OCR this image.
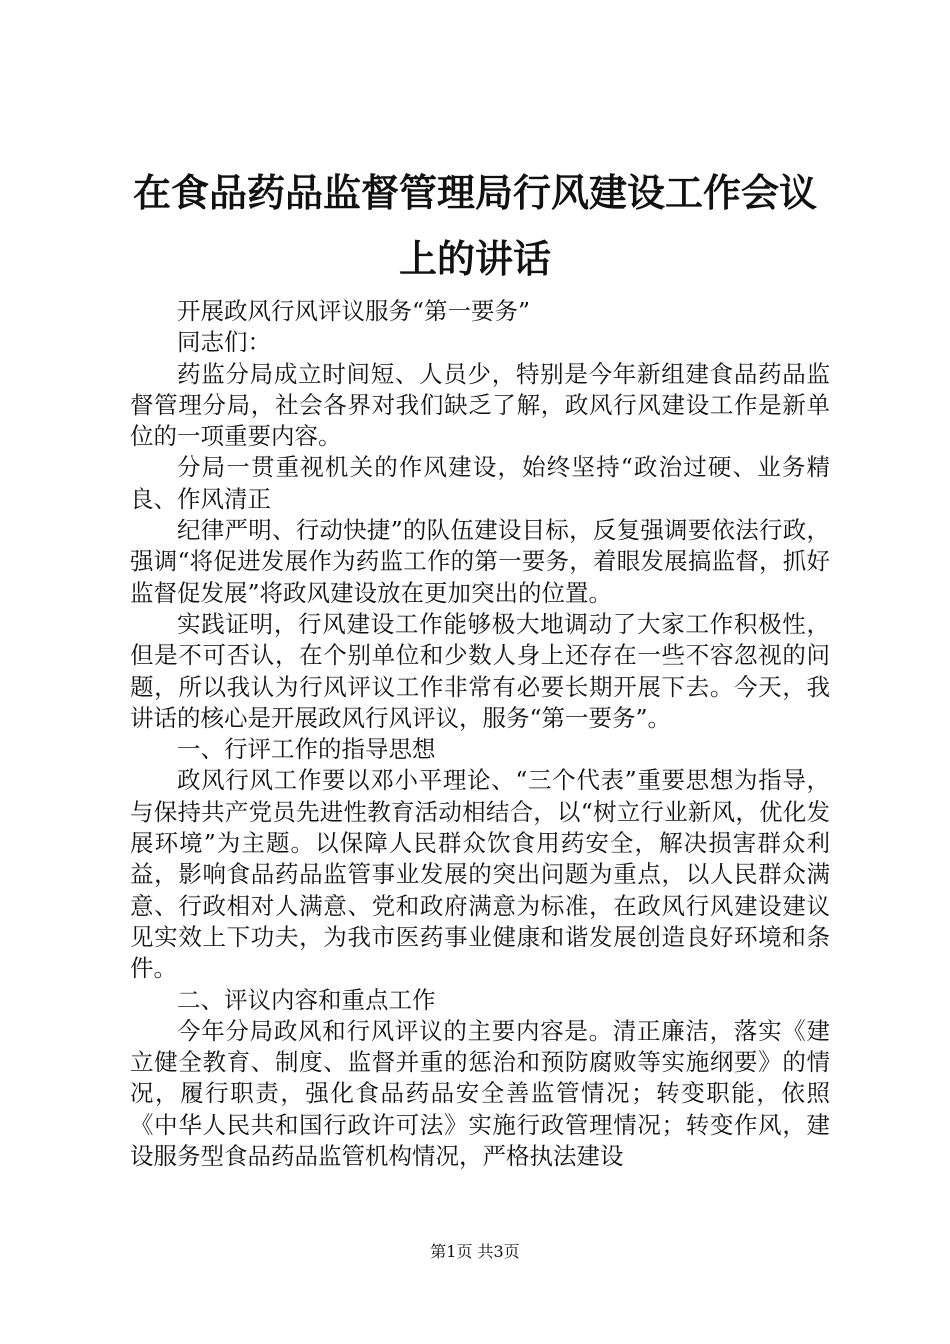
在食品药品监督管理局行风建设工作会议上的讲话

开展政风行风评议服务“第一要务”

同志们：

药监分局成立时间短、人员少，特别是今年新组建食品药品监督管理分局，社会各界对我们缺乏了解，政风行风建设工作是新单位的一项重要内容。

分局一贯重视机关的作风建设，始终坚持“政治过硬、业务精良、作风清正

纪律严明、行动快捷”的队伍建设目标，反复强调要依法行政，强调“将促进发展作为药监工作的第一要务，着眼发展搞监督，抓好监督促发展”将政风建设放在更加突出的位置。

实践证明，行风建设工作能够极大地调动了大家工作积极性，但是不可否认，在个别单位和少数人身上还存在一些不容忽视的问题，所以我认为行风评议工作非常有必要长期开展下去。今天，我讲话的核心是开展政风行风评议，服务“第一要务”。

一、行评工作的指导思想

政风行风工作要以邓小平理论、“三个代表”重要思想为指导，与保持共产党员先进性教育活动相结合，以“树立行业新风，优化发展环境”为主题。以保障人民群众饮食用药安全，解决损害群众利益，影响食品药品监管事业发展的突出问题为重点，以人民群众满意、行政相对人满意、党和政府满意为标准，在政风行风建设建议见实效上下功夫，为我市医药事业健康和谐发展创造良好环境和条件。

二、评议内容和重点工作

今年分局政风和行风评议的主要内容是。清正廉洁，落实《建立健全教育、制度、监督并重的惩治和预防腐败等实施纲要》的情况，履行职责，强化食品药品安全善监管情况；转变职能，依照《中华人民共和国行政许可法》实施行政管理情况；转变作风，建设服务型食品药品监管机构情况，严格执法建设

第1页 共3页
